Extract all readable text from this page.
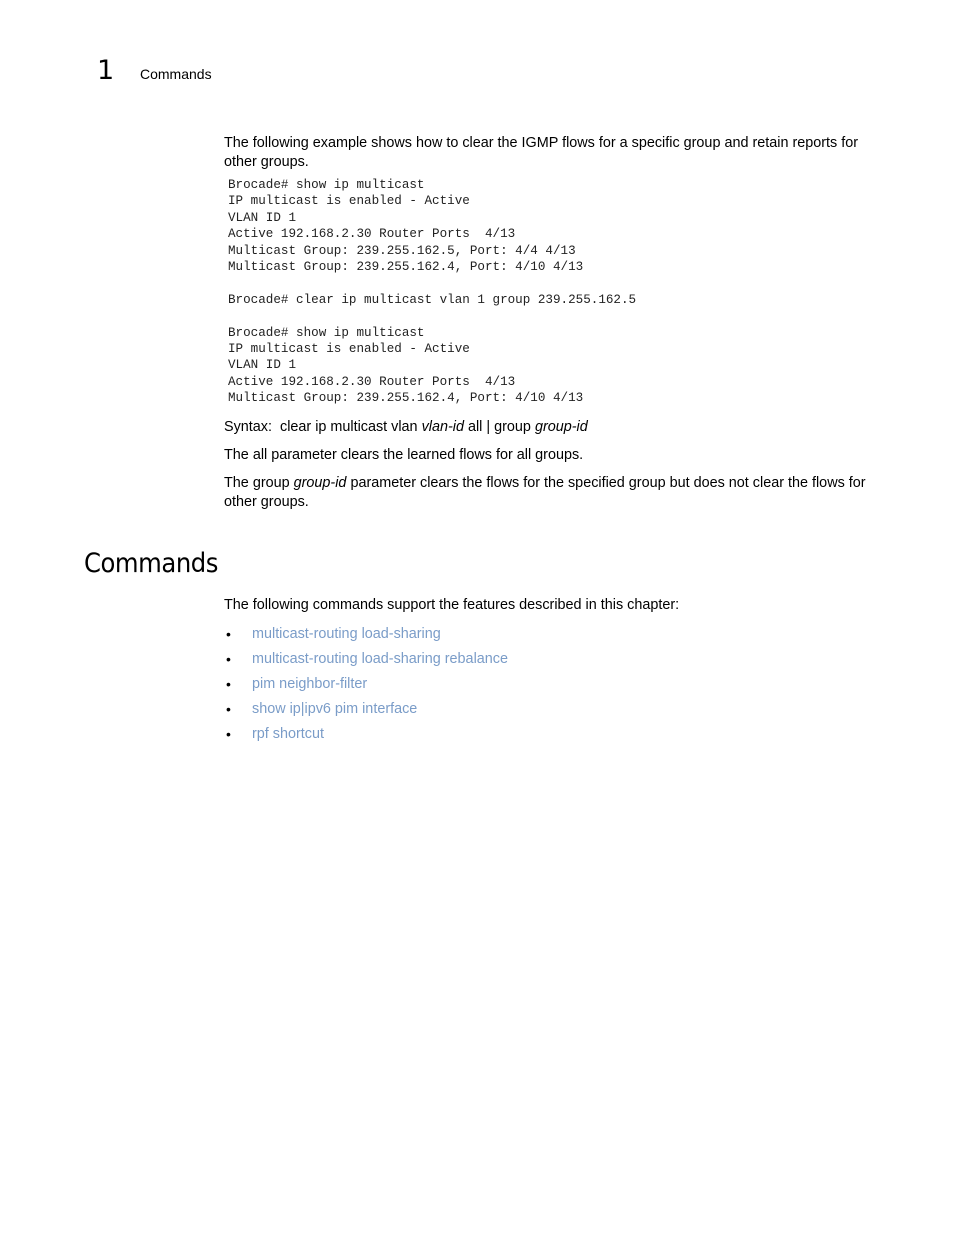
1 Commands

The following example shows how to clear the IGMP flows for a specific group and retain reports for other groups.

Brocade# show ip multicast
IP multicast is enabled - Active
VLAN ID 1
Active 192.168.2.30 Router Ports  4/13
Multicast Group: 239.255.162.5, Port: 4/4 4/13
Multicast Group: 239.255.162.4, Port: 4/10 4/13

Brocade# clear ip multicast vlan 1 group 239.255.162.5

Brocade# show ip multicast
IP multicast is enabled - Active
VLAN ID 1
Active 192.168.2.30 Router Ports  4/13
Multicast Group: 239.255.162.4, Port: 4/10 4/13

Syntax: clear ip multicast vlan vlan-id all | group group-id

The all parameter clears the learned flows for all groups.

The group group-id parameter clears the flows for the specified group but does not clear the flows for other groups.

Commands

The following commands support the features described in this chapter:

• multicast-routing load-sharing
• multicast-routing load-sharing rebalance
• pim neighbor-filter
• show ip|ipv6 pim interface
• rpf shortcut
